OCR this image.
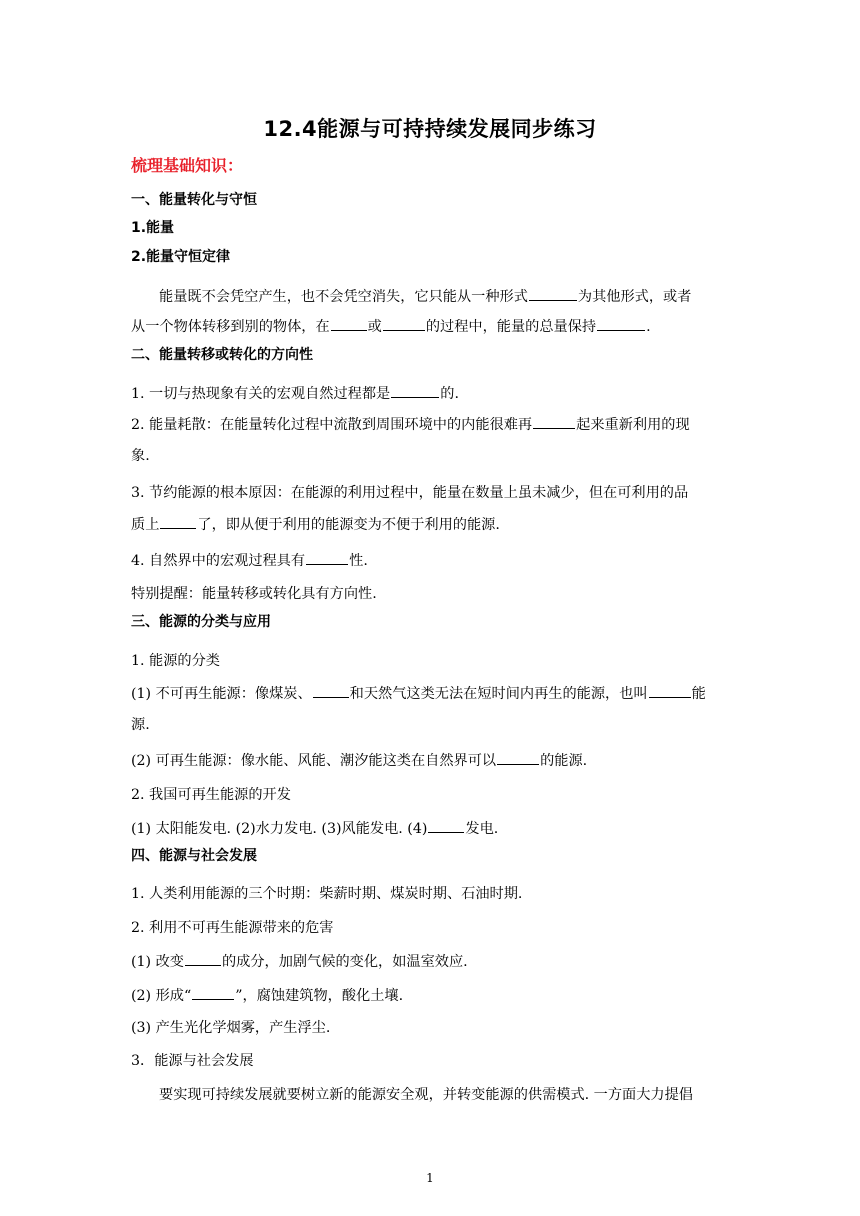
12.4能源与可持持续发展同步练习
梳理基础知识：
一、能量转化与守恒
1.能量
2.能量守恒定律
能量既不会凭空产生，也不会凭空消失，它只能从一种形式	为其他形式，或者
从一个物体转移到别的物体，在	或	的过程中，能量的总量保持	.
二、能量转移或转化的方向性
1. 一切与热现象有关的宏观自然过程都是	的.
2. 能量耗散：在能量转化过程中流散到周围环境中的内能很难再	起来重新利用的现
象.
3. 节约能源的根本原因：在能源的利用过程中，能量在数量上虽未减少，但在可利用的品
质上	了，即从便于利用的能源变为不便于利用的能源.
4. 自然界中的宏观过程具有	性.
特别提醒：能量转移或转化具有方向性.
三、能源的分类与应用
1. 能源的分类
(1) 不可再生能源：像煤炭、	和天然气这类无法在短时间内再生的能源，也叫	能
源.
(2) 可再生能源：像水能、风能、潮汐能这类在自然界可以	的能源.
2. 我国可再生能源的开发
(1) 太阳能发电. (2)水力发电. (3)风能发电. (4)	发电.
四、能源与社会发展
1. 人类利用能源的三个时期：柴薪时期、煤炭时期、石油时期.
2. 利用不可再生能源带来的危害
(1) 改变	的成分，加剧气候的变化，如温室效应.
(2) 形成“	”，腐蚀建筑物，酸化土壤.
(3) 产生光化学烟雾，产生浮尘.
3．能源与社会发展
要实现可持续发展就要树立新的能源安全观，并转变能源的供需模式. 一方面大力提倡
1
